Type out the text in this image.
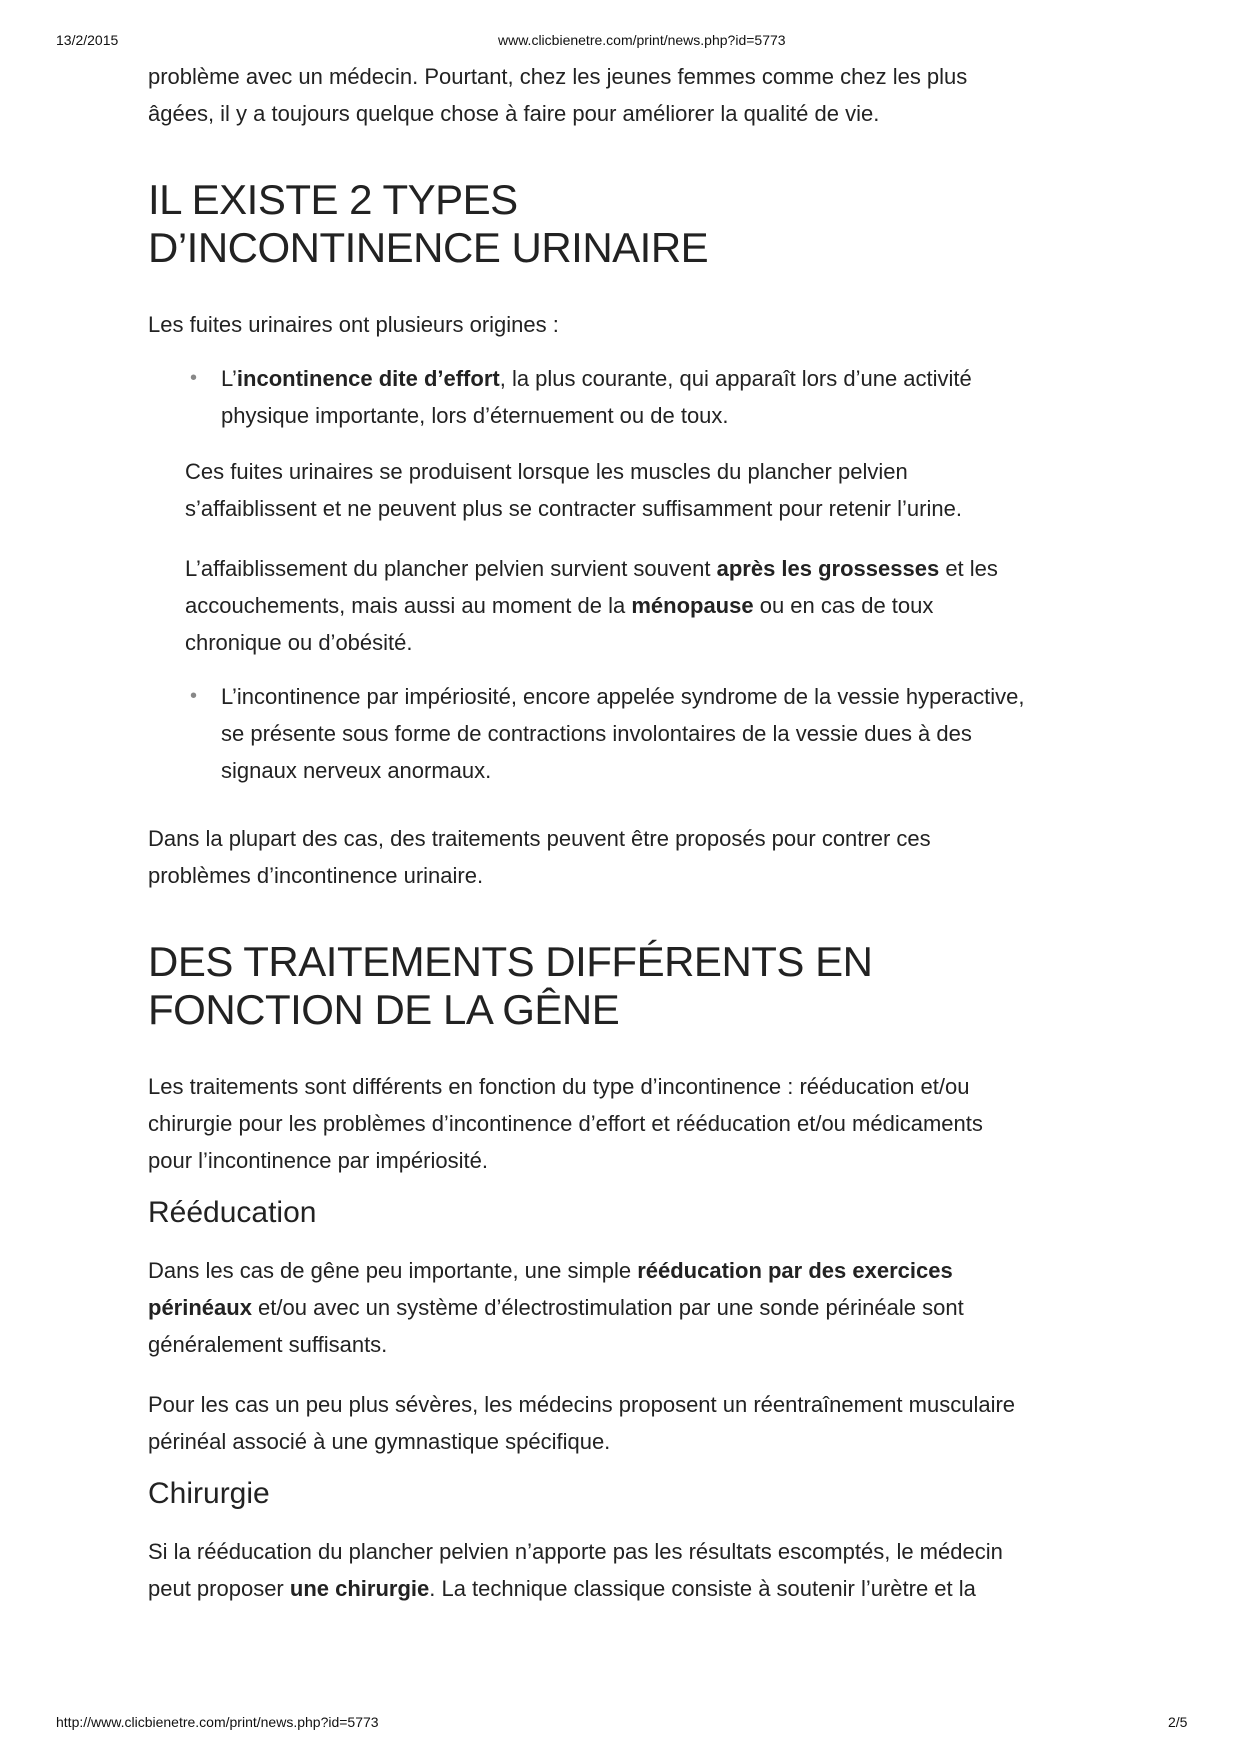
13/2/2015	www.clicbienetre.com/print/news.php?id=5773

problème avec un médecin. Pourtant, chez les jeunes femmes comme chez les plus
âgées, il y a toujours quelque chose à faire pour améliorer la qualité de vie.

IL EXISTE 2 TYPES
D’INCONTINENCE URINAIRE

Les fuites urinaires ont plusieurs origines :

• L’incontinence dite d’effort, la plus courante, qui apparaît lors d’une activité
physique importante, lors d’éternuement ou de toux.

Ces fuites urinaires se produisent lorsque les muscles du plancher pelvien
s’affaiblissent et ne peuvent plus se contracter suffisamment pour retenir l’urine.

L’affaiblissement du plancher pelvien survient souvent après les grossesses et les
accouchements, mais aussi au moment de la ménopause ou en cas de toux
chronique ou d’obésité.

• L’incontinence par impériosité, encore appelée syndrome de la vessie hyperactive,
se présente sous forme de contractions involontaires de la vessie dues à des
signaux nerveux anormaux.

Dans la plupart des cas, des traitements peuvent être proposés pour contrer ces
problèmes d’incontinence urinaire.

DES TRAITEMENTS DIFFÉRENTS EN
FONCTION DE LA GÊNE

Les traitements sont différents en fonction du type d’incontinence : rééducation et/ou
chirurgie pour les problèmes d’incontinence d’effort et rééducation et/ou médicaments
pour l’incontinence par impériosité.

Rééducation

Dans les cas de gêne peu importante, une simple rééducation par des exercices
périnéaux et/ou avec un système d’électrostimulation par une sonde périnéale sont
généralement suffisants.

Pour les cas un peu plus sévères, les médecins proposent un réentraînement musculaire
périnéal associé à une gymnastique spécifique.

Chirurgie

Si la rééducation du plancher pelvien n’apporte pas les résultats escomptés, le médecin
peut proposer une chirurgie. La technique classique consiste à soutenir l’urètre et la

http://www.clicbienetre.com/print/news.php?id=5773	2/5
